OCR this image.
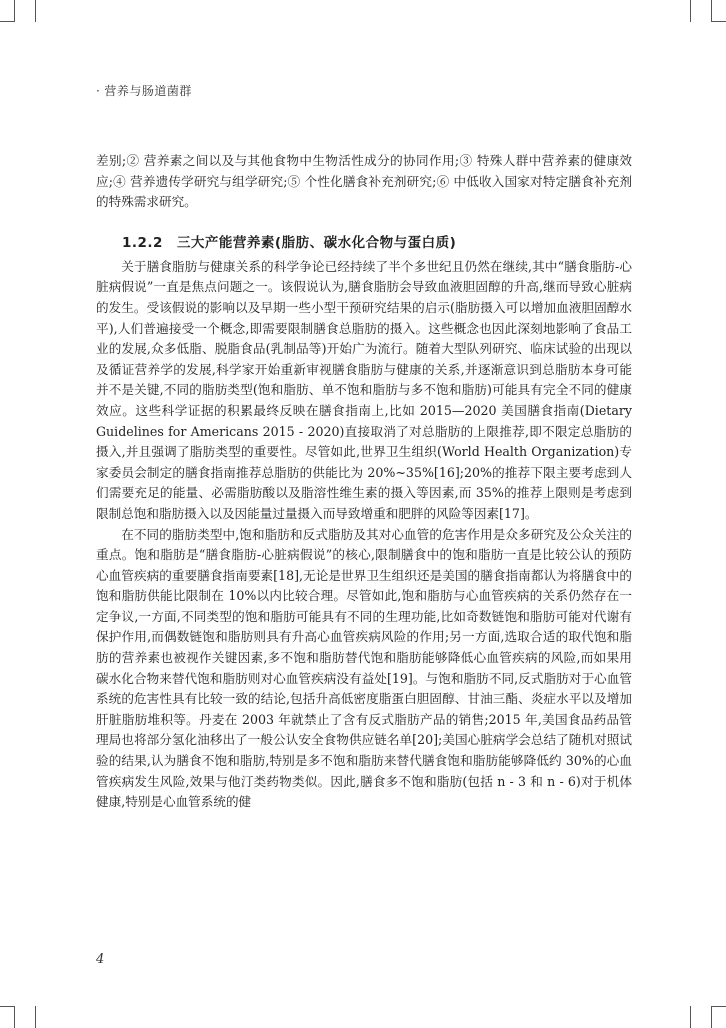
· 营养与肠道菌群

差别;② 营养素之间以及与其他食物中生物活性成分的协同作用;③ 特殊人群中营养素的健康效应;④ 营养遗传学研究与组学研究;⑤ 个性化膳食补充剂研究;⑥ 中低收入国家对特定膳食补充剂的特殊需求研究。

1.2.2 三大产能营养素(脂肪、碳水化合物与蛋白质)

关于膳食脂肪与健康关系的科学争论已经持续了半个多世纪且仍然在继续,其中“膳食脂肪-心脏病假说”一直是焦点问题之一。该假说认为,膳食脂肪会导致血液胆固醇的升高,继而导致心脏病的发生。受该假说的影响以及早期一些小型干预研究结果的启示(脂肪摄入可以增加血液胆固醇水平),人们普遍接受一个概念,即需要限制膳食总脂肪的摄入。这些概念也因此深刻地影响了食品工业的发展,众多低脂、脱脂食品(乳制品等)开始广为流行。随着大型队列研究、临床试验的出现以及循证营养学的发展,科学家开始重新审视膳食脂肪与健康的关系,并逐渐意识到总脂肪本身可能并不是关键,不同的脂肪类型(饱和脂肪、单不饱和脂肪与多不饱和脂肪)可能具有完全不同的健康效应。这些科学证据的积累最终反映在膳食指南上,比如 2015—2020 美国膳食指南(Dietary Guidelines for Americans 2015 - 2020)直接取消了对总脂肪的上限推荐,即不限定总脂肪的摄入,并且强调了脂肪类型的重要性。尽管如此,世界卫生组织(World Health Organization)专家委员会制定的膳食指南推荐总脂肪的供能比为 20%~35%[16];20%的推荐下限主要考虑到人们需要充足的能量、必需脂肪酸以及脂溶性维生素的摄入等因素,而 35%的推荐上限则是考虑到限制总饱和脂肪摄入以及因能量过量摄入而导致增重和肥胖的风险等因素[17]。

在不同的脂肪类型中,饱和脂肪和反式脂肪及其对心血管的危害作用是众多研究及公众关注的重点。饱和脂肪是“膳食脂肪-心脏病假说”的核心,限制膳食中的饱和脂肪一直是比较公认的预防心血管疾病的重要膳食指南要素[18],无论是世界卫生组织还是美国的膳食指南都认为将膳食中的饱和脂肪供能比限制在 10%以内比较合理。尽管如此,饱和脂肪与心血管疾病的关系仍然存在一定争议,一方面,不同类型的饱和脂肪可能具有不同的生理功能,比如奇数链饱和脂肪可能对代谢有保护作用,而偶数链饱和脂肪则具有升高心血管疾病风险的作用;另一方面,选取合适的取代饱和脂肪的营养素也被视作关键因素,多不饱和脂肪替代饱和脂肪能够降低心血管疾病的风险,而如果用碳水化合物来替代饱和脂肪则对心血管疾病没有益处[19]。与饱和脂肪不同,反式脂肪对于心血管系统的危害性具有比较一致的结论,包括升高低密度脂蛋白胆固醇、甘油三酯、炎症水平以及增加肝脏脂肪堆积等。丹麦在 2003 年就禁止了含有反式脂肪产品的销售;2015 年,美国食品药品管理局也将部分氢化油移出了一般公认安全食物供应链名单[20];美国心脏病学会总结了随机对照试验的结果,认为膳食不饱和脂肪,特别是多不饱和脂肪来替代膳食饱和脂肪能够降低约 30%的心血管疾病发生风险,效果与他汀类药物类似。因此,膳食多不饱和脂肪(包括 n - 3 和 n - 6)对于机体健康,特别是心血管系统的健

4
